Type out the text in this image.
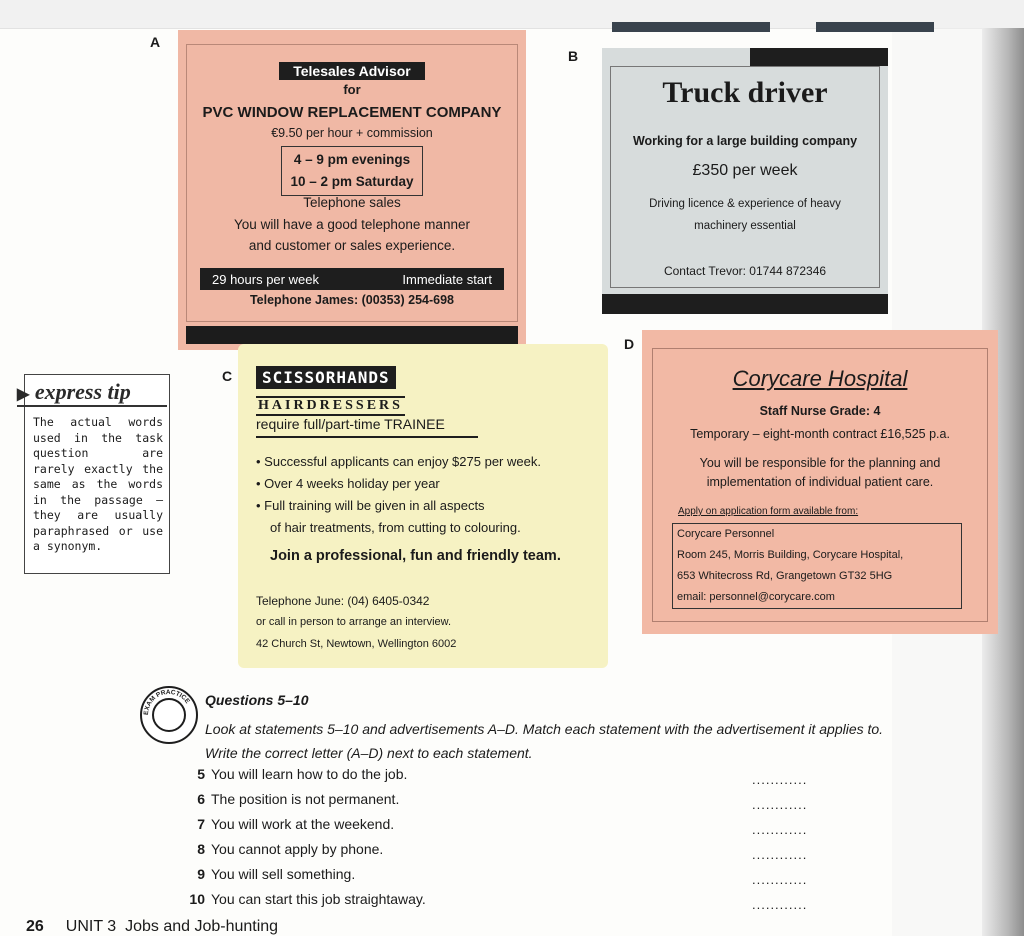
A
Telesales Advisor
for
PVC WINDOW REPLACEMENT COMPANY
€9.50 per hour + commission
4 – 9 pm evenings
10 – 2 pm Saturday
Telephone sales
You will have a good telephone manner
and customer or sales experience.
29 hours per week	Immediate start
Telephone James: (00353) 254-698
B
Truck driver
Working for a large building company
£350 per week
Driving licence & experience of heavy
machinery essential
Contact Trevor: 01744 872346
C	SCISSORHANDS
HAIRDRESSERS
require full/part-time TRAINEE
• Successful applicants can enjoy $275 per week.
• Over 4 weeks holiday per year
• Full training will be given in all aspects
of hair treatments, from cutting to colouring.
Join a professional, fun and friendly team.
Telephone June: (04) 6405-0342
or call in person to arrange an interview.
42 Church St, Newtown, Wellington 6002
D
Corycare Hospital
Staff Nurse Grade: 4
Temporary – eight-month contract £16,525 p.a.
You will be responsible for the planning and
implementation of individual patient care.
Apply on application form available from:
Corycare Personnel
Room 245, Morris Building, Corycare Hospital,
653 Whitecross Rd, Grangetown GT32 5HG
email: personnel@corycare.com
▶ express tip
The actual words used in the task question are rarely exactly the same as the words in the passage – they are usually paraphrased or use a synonym.
EXAM PRACTICE Questions 5–10
Look at statements 5–10 and advertisements A–D. Match each statement with the advertisement it applies to.
Write the correct letter (A–D) next to each statement.
5 You will learn how to do the job.
6 The position is not permanent.
7 You will work at the weekend.
8 You cannot apply by phone.
9 You will sell something.
10 You can start this job straightaway.
............
............
............
............
............
............
26 UNIT 3  Jobs and Job-hunting
